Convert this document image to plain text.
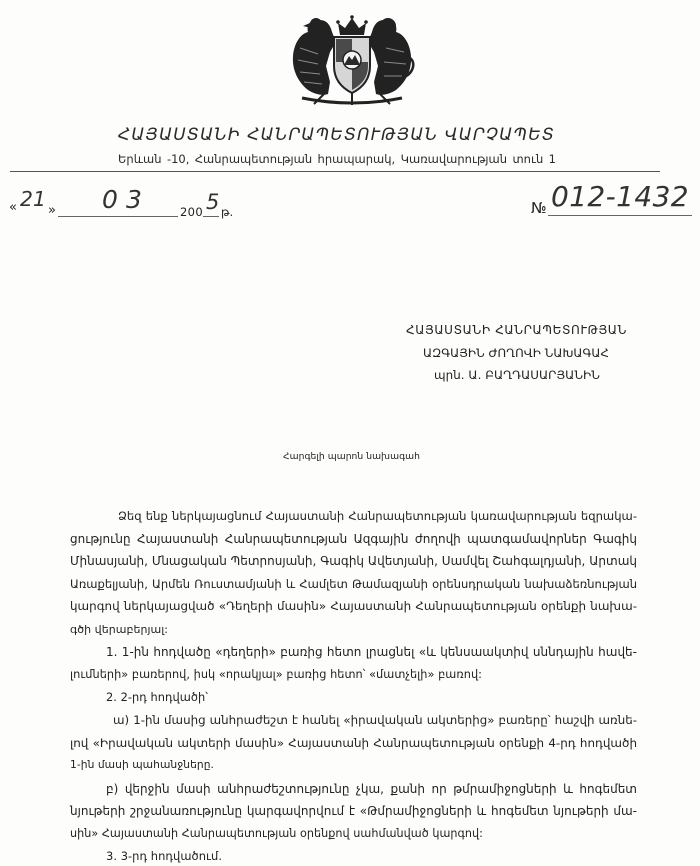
ՀԱՅԱՍՏԱՆԻ ՀԱՆՐԱՊԵՏՈՒԹՅԱՆ ՎԱՐՉԱՊԵՏ
Երևան -10, Հանրապետության հրապարակ, Կառավարության տուն 1
« 21 » 03	200 5 թ.	№ 012-1432
ՀԱՅԱՍՏԱՆԻ ՀԱՆՐԱՊԵՏՈՒԹՅԱՆ
ԱԶԳԱՅԻՆ ԺՈՂՈՎԻ ՆԱԽԱԳԱՀ
պրն. Ա. ԲԱՂԴԱՍԱՐՅԱՆԻՆ
Հարգելի պարոն նախագահ
Ձեզ ենք ներկայացնում Հայաստանի Հանրապետության կառավարության եզրակա-
ցությունը Հայաստանի Հանրապետության Ազգային ժողովի պատգամավորներ Գագիկ
Մինասյանի, Մնացական Պետրոսյանի, Գագիկ Ավետյանի, Սամվել Շահգալդյանի, Արտակ
Առաքելյանի, Արմեն Ռուստամյանի և Համլետ Թամազյանի օրենսդրական նախաձեռնության
կարգով ներկայացված «Դեղերի մասին» Հայաստանի Հանրապետության օրենքի նախա-
գծի վերաբերյալ:
1. 1-ին հոդվածը «դեղերի» բառից հետո լրացնել «և կենսաակտիվ սննդային հավե-
լումների» բառերով, իսկ «որակյալ» բառից հետո՝ «մատչելի» բառով:
2. 2-րդ հոդվածի՝
ա) 1-ին մասից անհրաժեշտ է հանել «իրավական ակտերից» բառերը՝ հաշվի առնե-
լով «Իրավական ակտերի մասին» Հայաստանի Հանրապետության օրենքի 4-րդ հոդվածի
1-ին մասի պահանջները.
բ) վերջին մասի անհրաժեշտությունը չկա, քանի որ թմրամիջոցների և հոգեմետ
նյութերի շրջանառությունը կարգավորվում է «Թմրամիջոցների և հոգեմետ նյութերի մա-
սին» Հայաստանի Հանրապետության օրենքով սահմանված կարգով:
3. 3-րդ հոդվածում.
